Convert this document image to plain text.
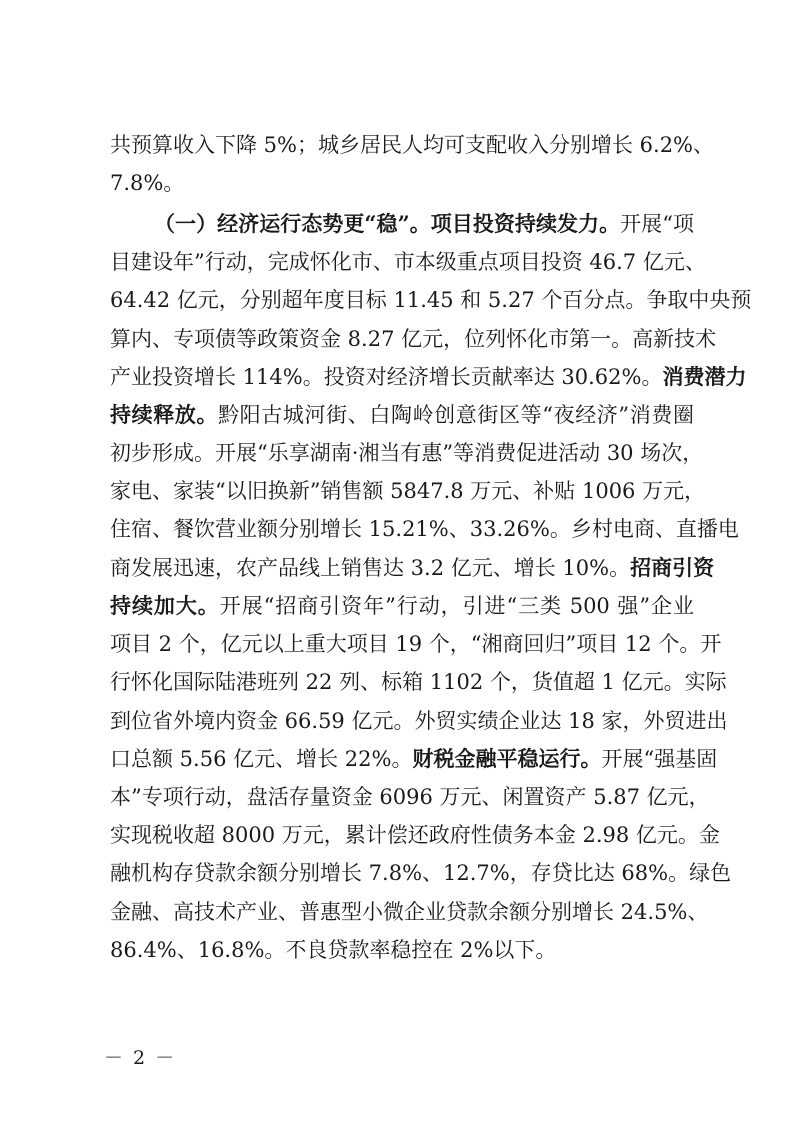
共预算收入下降 5%；城乡居民人均可支配收入分别增长 6.2%、
7.8%。
（一）经济运行态势更“稳”。项目投资持续发力。开展“项
目建设年”行动，完成怀化市、市本级重点项目投资 46.7 亿元、
64.42 亿元，分别超年度目标 11.45 和 5.27 个百分点。争取中央预
算内、专项债等政策资金 8.27 亿元，位列怀化市第一。高新技术
产业投资增长 114%。投资对经济增长贡献率达 30.62%。消费潜力
持续释放。黔阳古城河街、白陶岭创意街区等“夜经济”消费圈
初步形成。开展“乐享湖南·湘当有惠”等消费促进活动 30 场次，
家电、家装“以旧换新”销售额 5847.8 万元、补贴 1006 万元，
住宿、餐饮营业额分别增长 15.21%、33.26%。乡村电商、直播电
商发展迅速，农产品线上销售达 3.2 亿元、增长 10%。招商引资
持续加大。开展“招商引资年”行动，引进“三类 500 强”企业
项目 2 个，亿元以上重大项目 19 个，“湘商回归”项目 12 个。开
行怀化国际陆港班列 22 列、标箱 1102 个，货值超 1 亿元。实际
到位省外境内资金 66.59 亿元。外贸实绩企业达 18 家，外贸进出
口总额 5.56 亿元、增长 22%。财税金融平稳运行。开展“强基固
本”专项行动，盘活存量资金 6096 万元、闲置资产 5.87 亿元，
实现税收超 8000 万元，累计偿还政府性债务本金 2.98 亿元。金
融机构存贷款余额分别增长 7.8%、12.7%，存贷比达 68%。绿色
金融、高技术产业、普惠型小微企业贷款余额分别增长 24.5%、
86.4%、16.8%。不良贷款率稳控在 2%以下。
－ 2 －
